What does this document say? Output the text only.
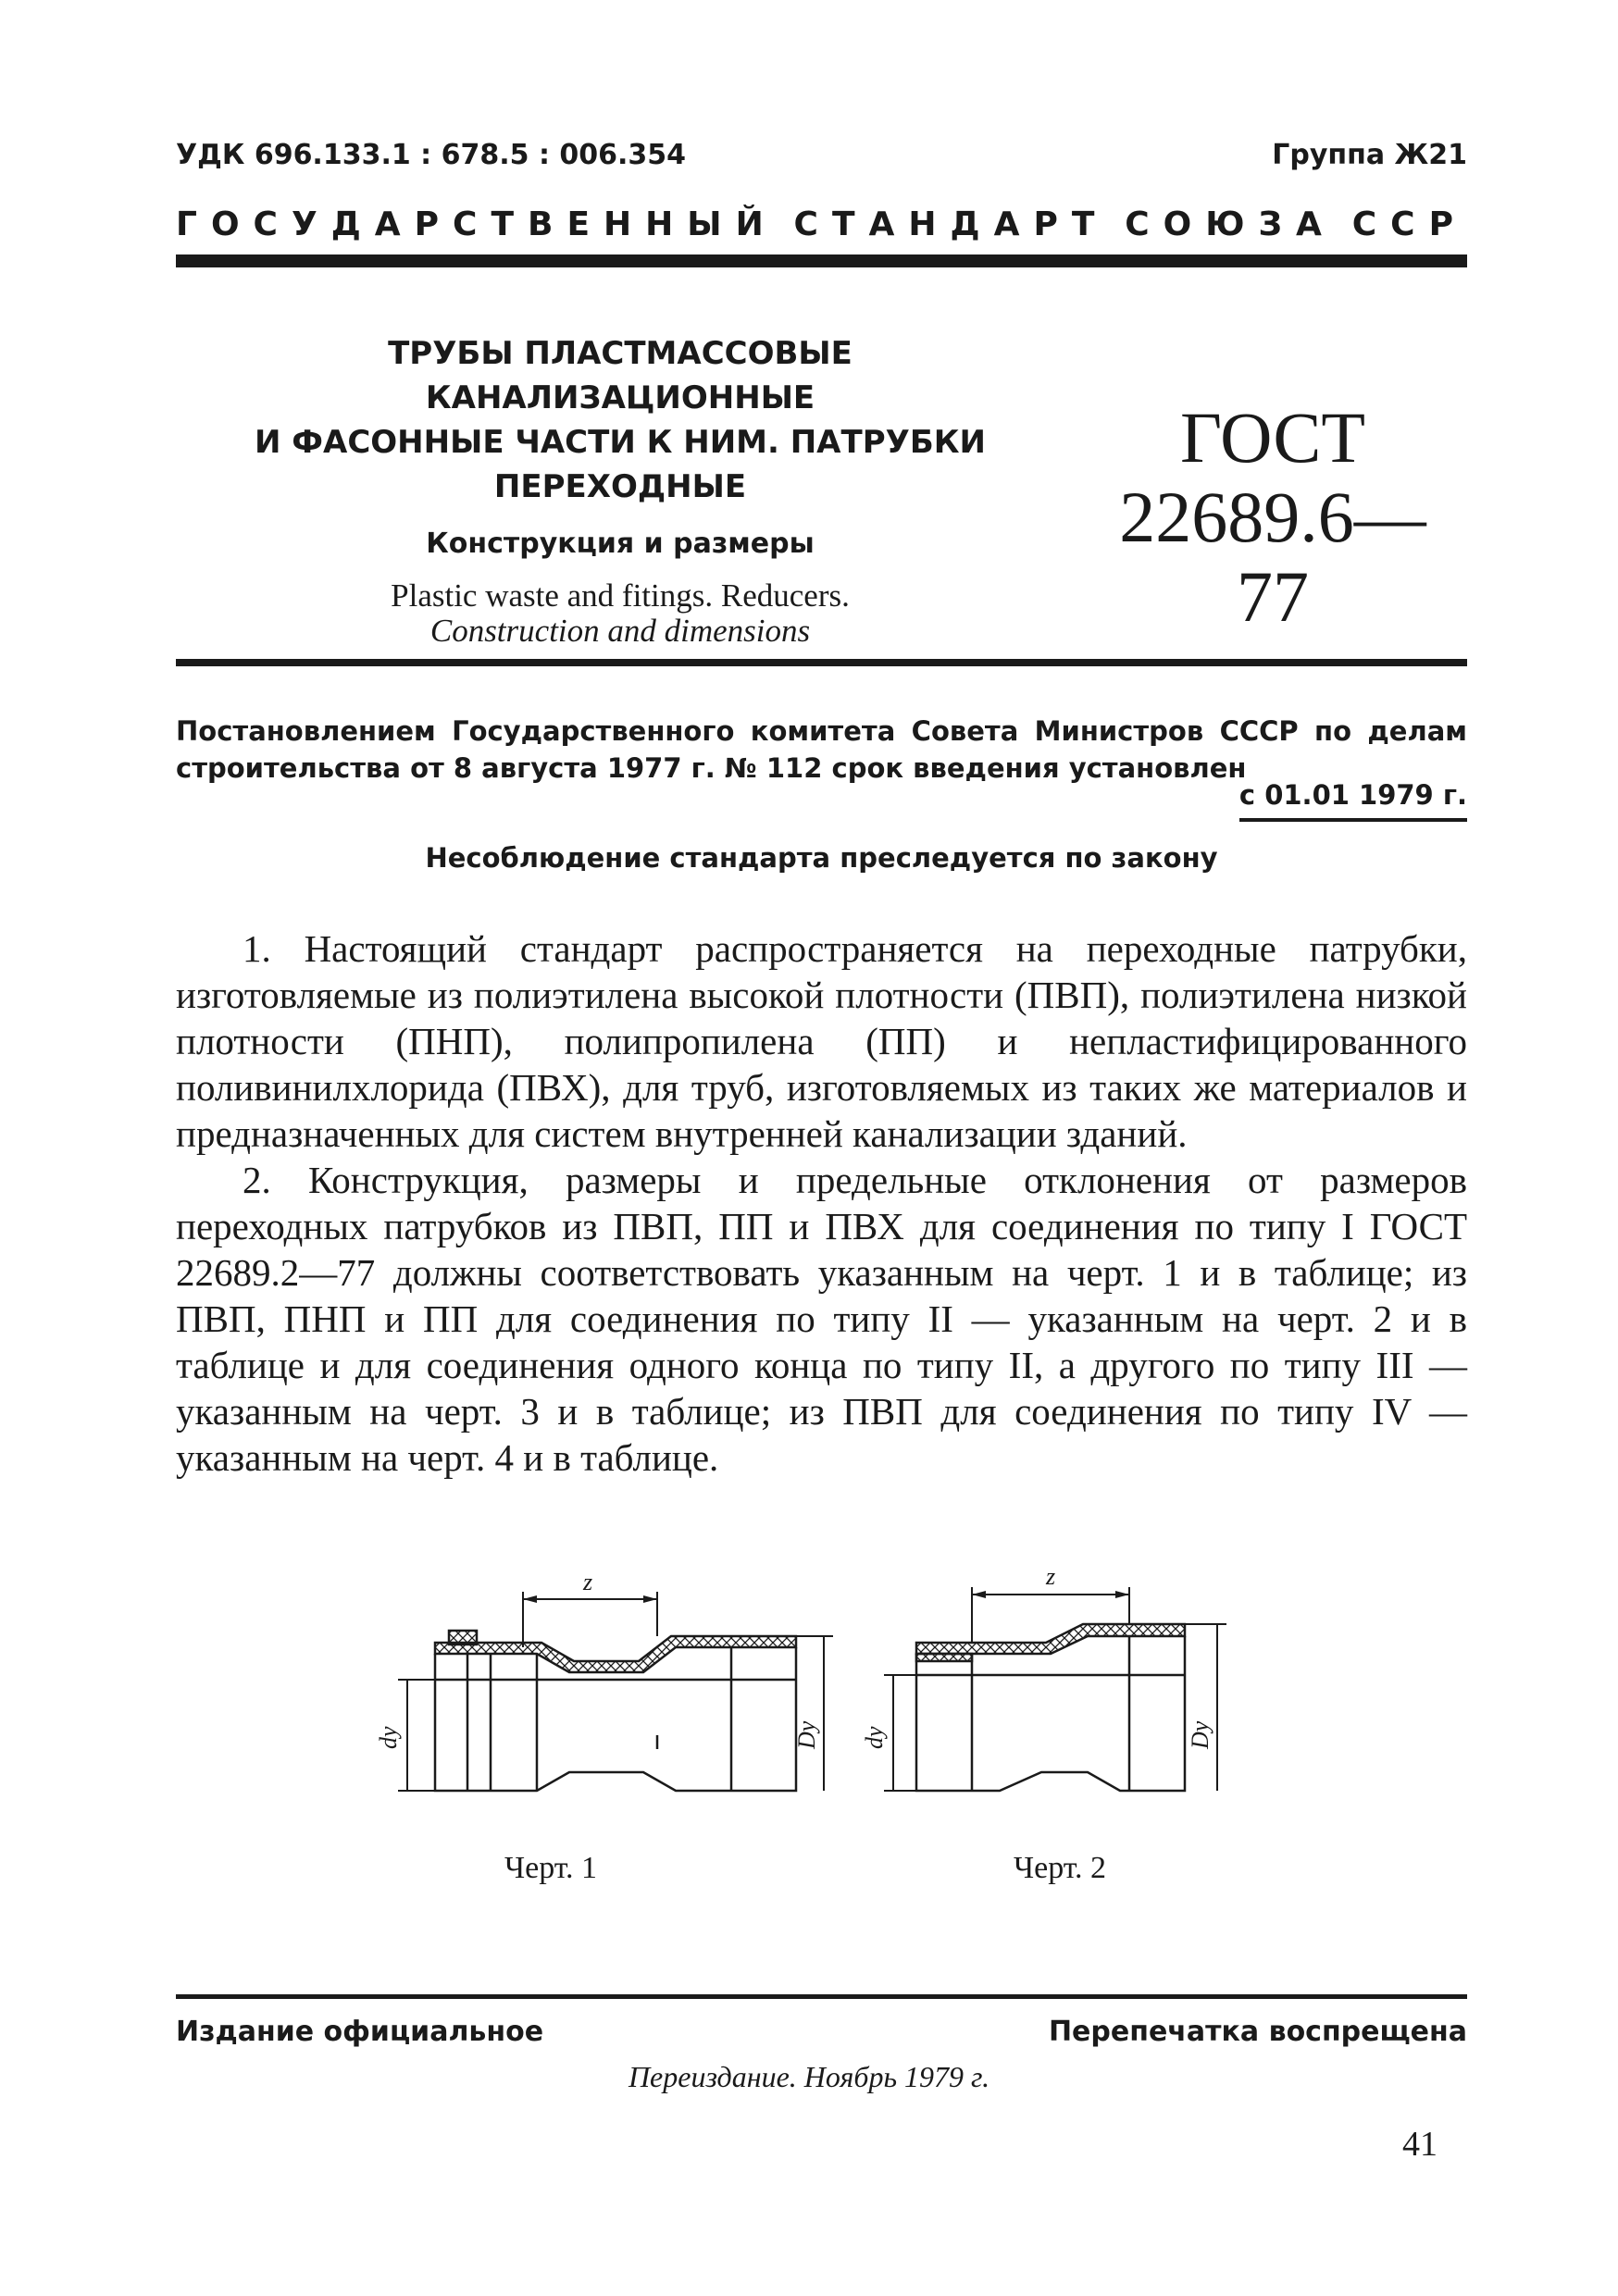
УДК 696.133.1 : 678.5 : 006.354	Группа Ж21
ГОСУДАРСТВЕННЫЙ СТАНДАРТ СОЮЗА ССР
ТРУБЫ ПЛАСТМАССОВЫЕ КАНАЛИЗАЦИОННЫЕ
И ФАСОННЫЕ ЧАСТИ К НИМ. ПАТРУБКИ
ПЕРЕХОДНЫЕ
Конструкция и размеры
Plastic waste and fitings. Reducers.
Construction and dimensions
ГОСТ
22689.6—77
Постановлением Государственного комитета Совета Министров СССР по делам строительства от 8 августа 1977 г. № 112 срок введения установлен
с 01.01 1979 г.
Несоблюдение стандарта преследуется по закону

1. Настоящий стандарт распространяется на переходные патрубки, изготовляемые из полиэтилена высокой плотности (ПВП), полиэтилена низкой плотности (ПНП), полипропилена (ПП) и непластифицированного поливинилхлорида (ПВХ), для труб, изготовляемых из таких же материалов и предназначенных для систем внутренней канализации зданий.

2. Конструкция, размеры и предельные отклонения от размеров переходных патрубков из ПВП, ПП и ПВХ для соединения по типу I ГОСТ 22689.2—77 должны соответствовать указанным на черт. 1 и в таблице; из ПВП, ПНП и ПП для соединения по типу II — указанным на черт. 2 и в таблице и для соединения одного конца по типу II, а другого по типу III — указанным на черт. 3 и в таблице; из ПВП для соединения по типу IV — указанным на черт. 4 и в таблице.

z	z
dy	Dy dy	Dy
Черт. 1	Черт. 2
Издание официальное	Перепечатка воспрещена
Переиздание. Ноябрь 1979 г.
41
